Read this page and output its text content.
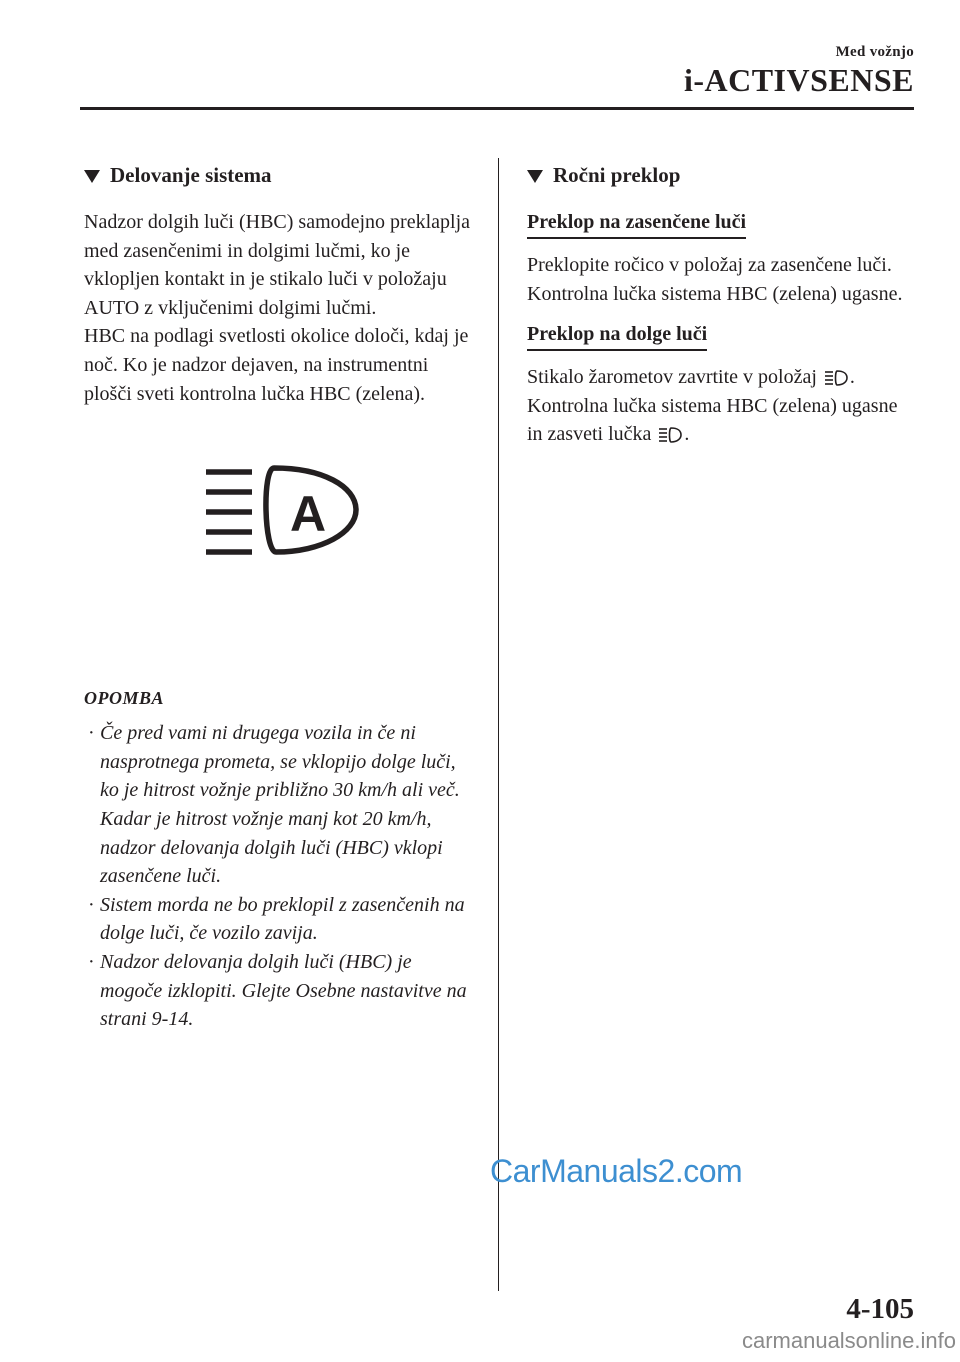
Med vožnjo
i-ACTIVSENSE
Delovanje sistema

Nadzor dolgih luči (HBC) samodejno preklaplja med zasenčenimi in dolgimi lučmi, ko je vklopljen kontakt in je stikalo luči v položaju AUTO z vključenimi dolgimi lučmi.

HBC na podlagi svetlosti okolice določi, kdaj je noč. Ko je nadzor dejaven, na instrumentni plošči sveti kontrolna lučka HBC (zelena).

A
OPOMBA
· Če pred vami ni drugega vozila in če ni nasprotnega prometa, se vklopijo dolge luči, ko je hitrost vožnje približno 30 km/h ali več.
Kadar je hitrost vožnje manj kot 20 km/h, nadzor delovanja dolgih luči (HBC) vklopi zasenčene luči.
· Sistem morda ne bo preklopil z zasenčenih na dolge luči, če vozilo zavija.
· Nadzor delovanja dolgih luči (HBC) je mogoče izklopiti. Glejte Osebne nastavitve na strani 9-14.
Ročni preklop
Preklop na zasenčene luči

Preklopite ročico v položaj za zasenčene luči.

Kontrolna lučka sistema HBC (zelena) ugasne.

Preklop na dolge luči

Stikalo žarometov zavrtite v položaj .

Kontrolna lučka sistema HBC (zelena) ugasne in zasveti lučka .

CarManuals2.com
4-105
carmanualsonline.info
